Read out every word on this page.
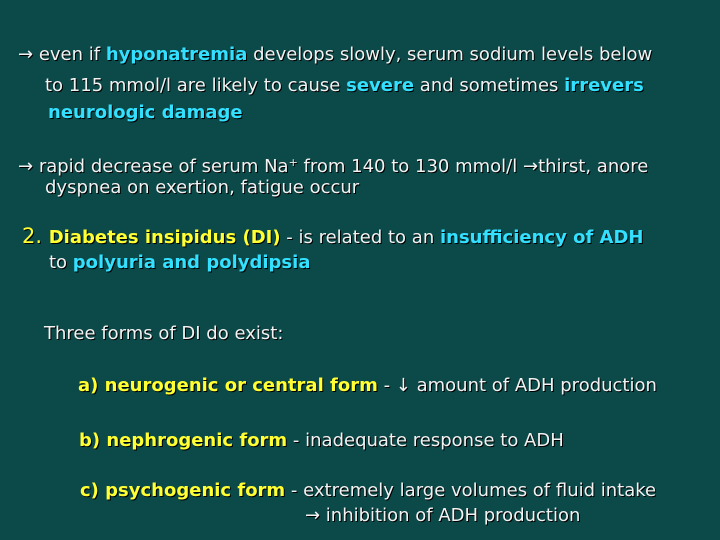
→ even if hyponatremia develops slowly, serum sodium levels below
to 115 mmol/l are likely to cause severe and sometimes irrevers
neurologic damage
→ rapid decrease of serum Na+ from 140 to 130 mmol/l →thirst, anore
dyspnea on exertion, fatigue occur
2. Diabetes insipidus (DI) - is related to an insufficiency of ADH
to polyuria and polydipsia
Three forms of DI do exist:
a) neurogenic or central form - ↓ amount of ADH production
b) nephrogenic form - inadequate response to ADH
c) psychogenic form - extremely large volumes of fluid intake
→ inhibition of ADH production
